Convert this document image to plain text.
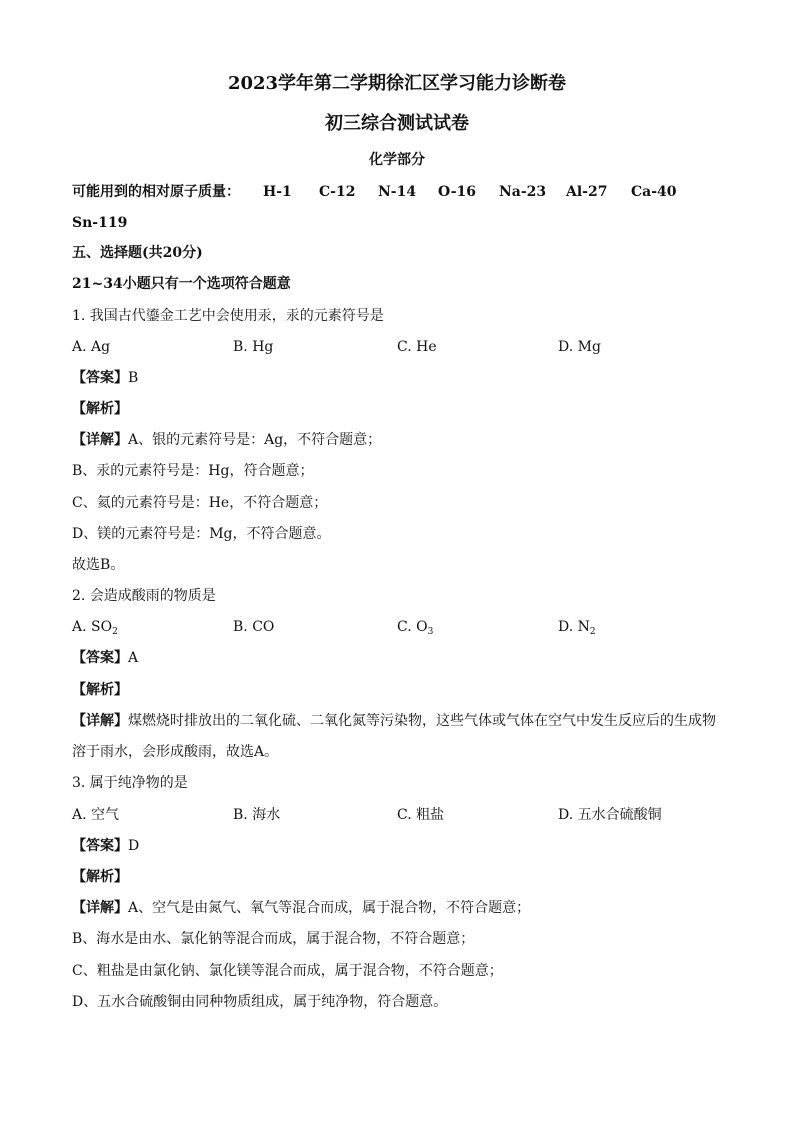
2023学年第二学期徐汇区学习能力诊断卷
初三综合测试试卷
化学部分
可能用到的相对原子质量： H-1 C-12 N-14 O-16 Na-23 Al-27 Ca-40
Sn-119
五、选择题(共20分)
21~34小题只有一个选项符合题意
1. 我国古代鎏金工艺中会使用汞，汞的元素符号是
A. Ag	B. Hg	C. He	D. Mg
【答案】B
【解析】
【详解】A、银的元素符号是：Ag，不符合题意；
B、汞的元素符号是：Hg，符合题意；
C、氦的元素符号是：He，不符合题意；
D、镁的元素符号是：Mg，不符合题意。
故选B。
2. 会造成酸雨的物质是
A. $SO_2$	B. CO	C. $O_3$	D. $N_2$
【答案】A
【解析】
【详解】煤燃烧时排放出的二氧化硫、二氧化氮等污染物，这些气体或气体在空气中发生反应后的生成物
溶于雨水，会形成酸雨，故选A。
3. 属于纯净物的是
A. 空气	B. 海水	C. 粗盐	D. 五水合硫酸铜
【答案】D
【解析】
【详解】A、空气是由氮气、氧气等混合而成，属于混合物，不符合题意；
B、海水是由水、氯化钠等混合而成，属于混合物，不符合题意；
C、粗盐是由氯化钠、氯化镁等混合而成，属于混合物，不符合题意；
D、五水合硫酸铜由同种物质组成，属于纯净物，符合题意。
